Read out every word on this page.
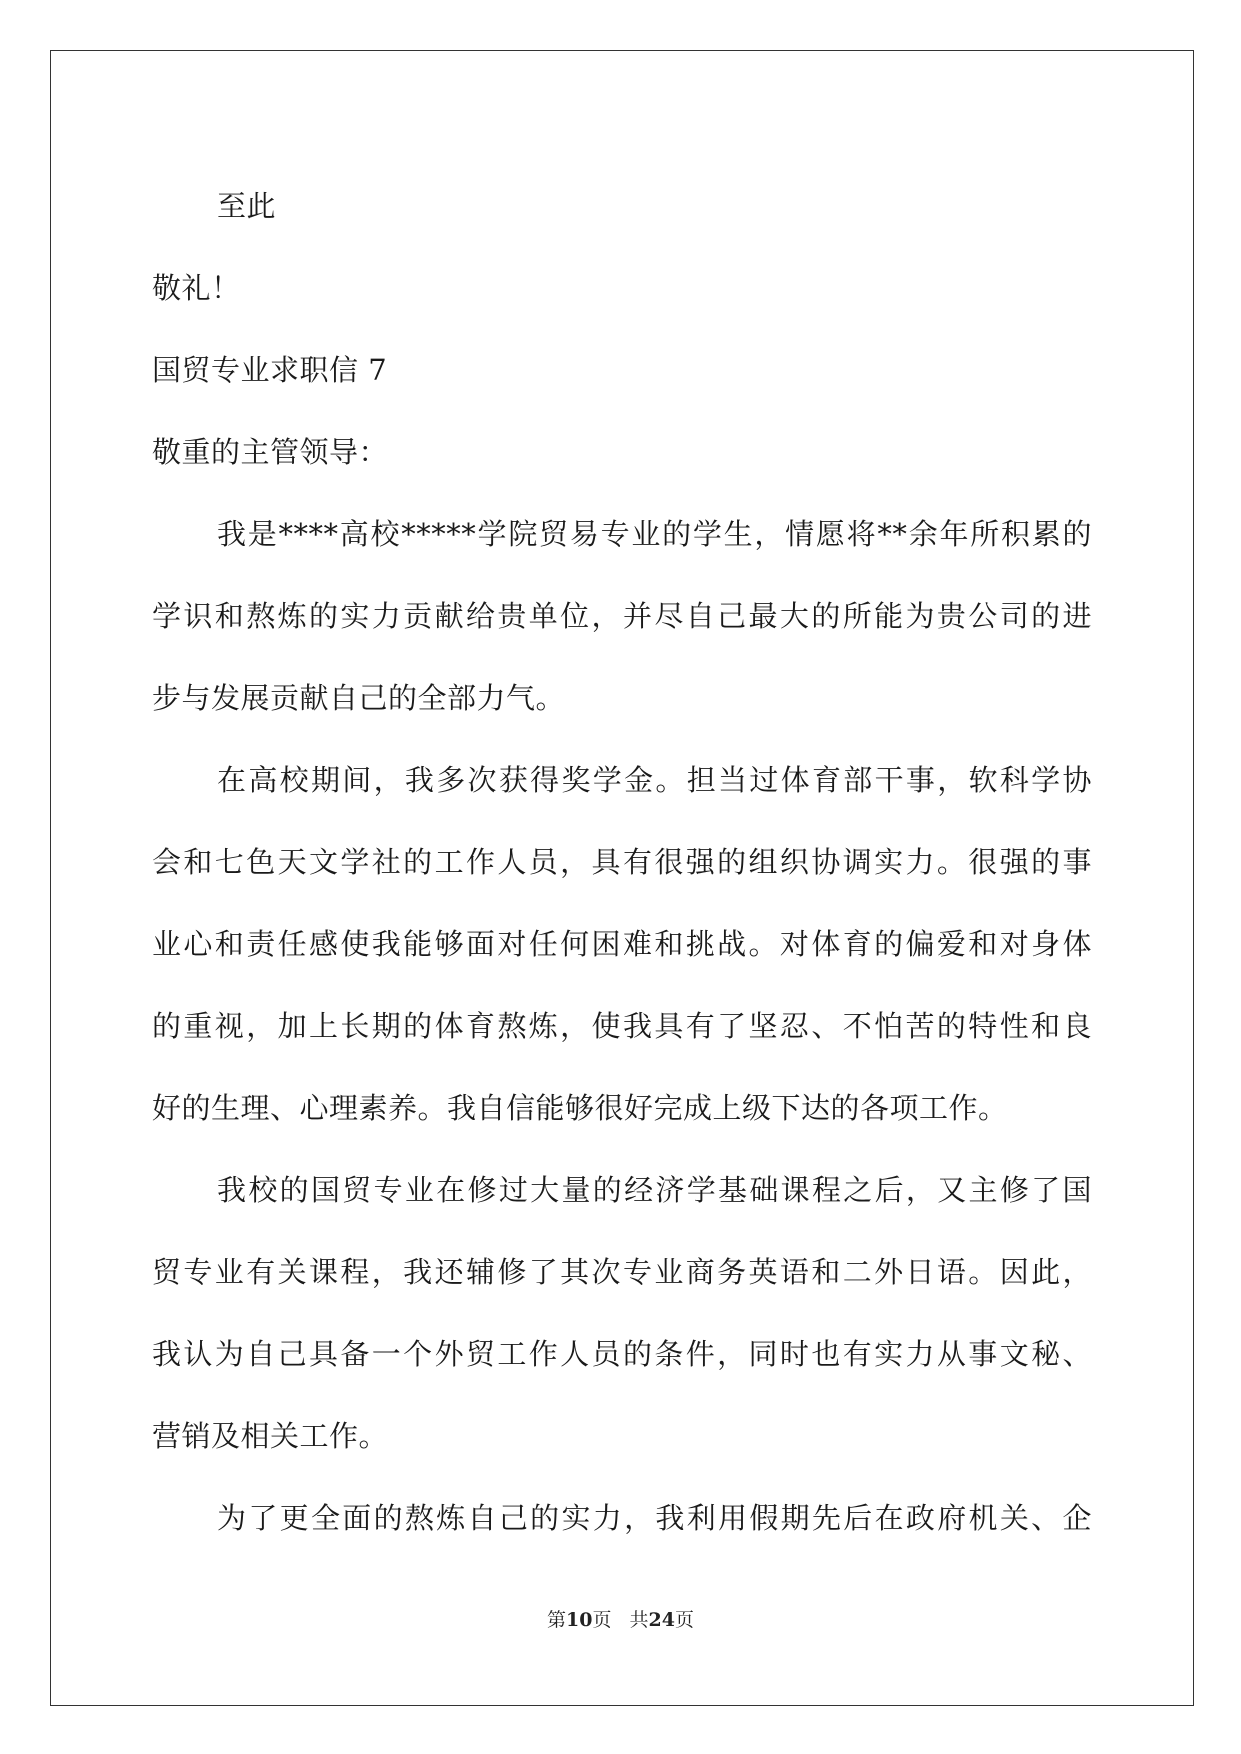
至此
敬礼！
国贸专业求职信 7
敬重的主管领导：
我是****高校*****学院贸易专业的学生，情愿将**余年所积累的
学识和熬炼的实力贡献给贵单位，并尽自己最大的所能为贵公司的进
步与发展贡献自己的全部力气。
在高校期间，我多次获得奖学金。担当过体育部干事，软科学协
会和七色天文学社的工作人员，具有很强的组织协调实力。很强的事
业心和责任感使我能够面对任何困难和挑战。对体育的偏爱和对身体
的重视，加上长期的体育熬炼，使我具有了坚忍、不怕苦的特性和良
好的生理、心理素养。我自信能够很好完成上级下达的各项工作。
我校的国贸专业在修过大量的经济学基础课程之后，又主修了国
贸专业有关课程，我还辅修了其次专业商务英语和二外日语。因此，
我认为自己具备一个外贸工作人员的条件，同时也有实力从事文秘、
营销及相关工作。
为了更全面的熬炼自己的实力，我利用假期先后在政府机关、企
第10页 共24页
